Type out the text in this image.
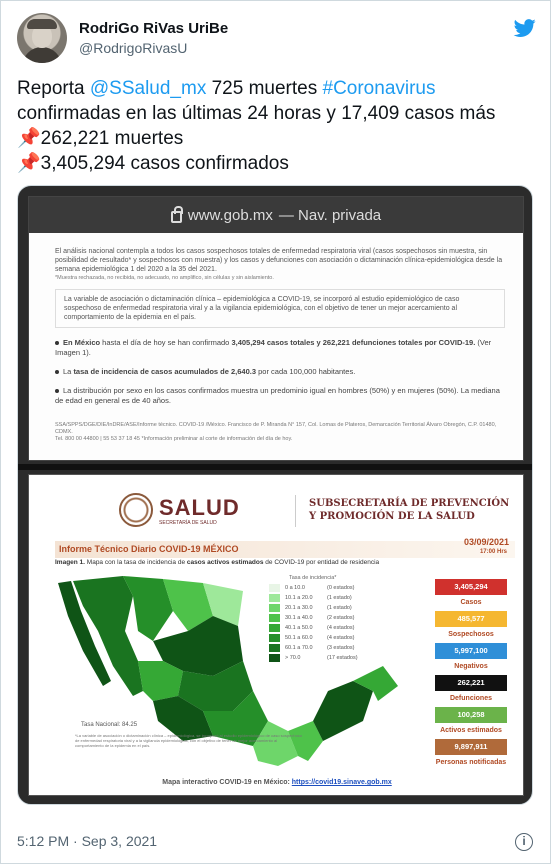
RodriGo RiVas UriBe
@RodrigoRivasU
Reporta @SSalud_mx 725 muertes #Coronavirus
confirmadas en las últimas 24 horas y 17,409 casos más
📌262,221 muertes
📌3,405,294 casos confirmados
www.gob.mx — Nav. privada

El análisis nacional contempla a todos los casos sospechosos totales de enfermedad respiratoria viral (casos sospechosos sin muestra, sin posibilidad de resultado* y sospechosos con muestra) y los casos y defunciones con asociación o dictaminación clínica-epidemiológica desde la semana epidemiológica 1 del 2020 a la 35 del 2021.

*Muestra rechazada, no recibida, no adecuado, no amplifico, sin células y sin aislamiento.

La variable de asociación o dictaminación clínica – epidemiológica a COVID-19, se incorporó al estudio epidemiológico de caso sospechoso de enfermedad respiratoria viral y a la vigilancia epidemiológica, con el objetivo de tener un mejor acercamiento al comportamiento de la epidemia en el país.
En México hasta el día de hoy se han confirmado 3,405,294 casos totales y 262,221 defunciones totales por COVID-19. (Ver Imagen 1).
La tasa de incidencia de casos acumulados de 2,640.3 por cada 100,000 habitantes.
La distribución por sexo en los casos confirmados muestra un predominio igual en hombres (50%) y en mujeres (50%). La mediana de edad en general es de 40 años.
SSA/SPPS/DGE/DIE/InDRE/ASE/Informe técnico. COVID-19 /México. Francisco de P. Miranda N° 157, Col. Lomas de Plateros, Demarcación Territorial Álvaro Obregón, C.P. 01480, CDMX.
Tel. 800 00 44800 | 55 53 37 18 45 *Información preliminar al corte de información del día de hoy.
SALUD
SECRETARÍA DE SALUD
SUBSECRETARÍA DE PREVENCIÓN Y PROMOCIÓN DE LA SALUD
Informe Técnico Diario COVID-19 MÉXICO
03/09/2021
17:00 Hrs
Imagen 1. Mapa con la tasa de incidencia de casos activos estimados de COVID-19 por entidad de residencia
Tasa de incidencia*
0 a 10.0	(0 estados)
10.1 a 20.0	(1 estado)
20.1 a 30.0	(1 estado)
30.1 a 40.0	(2 estados)
40.1 a 50.0	(4 estados)
50.1 a 60.0	(4 estados)
60.1 a 70.0	(3 estados)
> 70.0	(17 estados)
Tasa Nacional: 84.25
*La variable de asociación o dictaminación clínica – epidemiológica, se incorporó al estudio epidemiológico de caso sospechoso de enfermedad respiratoria viral y a la vigilancia epidemiológica, con el objetivo de tener un mejor acercamiento al comportamiento de la epidemia en el país.
3,405,294
Casos
485,577
Sospechosos
5,997,100
Negativos
262,221
Defunciones
100,258
Activos estimados
9,897,911
Personas notificadas
Mapa interactivo COVID-19 en México: https://covid19.sinave.gob.mx
5:12 PM · Sep 3, 2021	i
